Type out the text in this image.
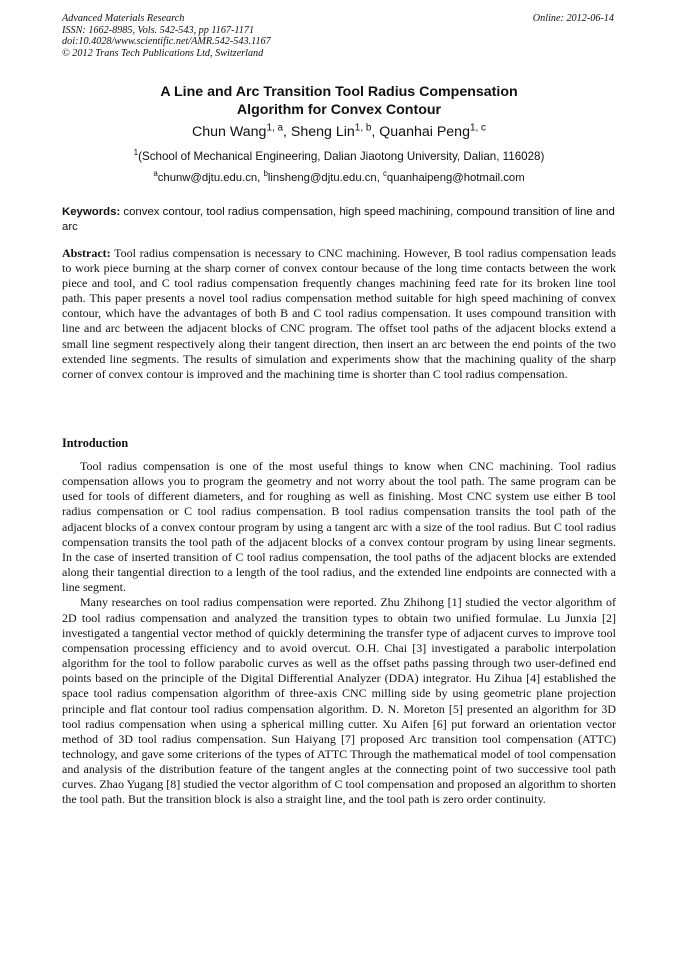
Advanced Materials Research
ISSN: 1662-8985, Vols. 542-543, pp 1167-1171
doi:10.4028/www.scientific.net/AMR.542-543.1167
© 2012 Trans Tech Publications Ltd, Switzerland
Online: 2012-06-14
A Line and Arc Transition Tool Radius Compensation
Algorithm for Convex Contour
Chun Wang$^{1, a}$, Sheng Lin$^{1, b}$, Quanhai Peng$^{1, c}$
$^1$(School of Mechanical Engineering, Dalian Jiaotong University, Dalian, 116028)
$^a$chunw@djtu.edu.cn, $^b$linsheng@djtu.edu.cn, $^c$quanhaipeng@hotmail.com
Keywords: convex contour, tool radius compensation, high speed machining, compound transition of line and arc
Abstract: Tool radius compensation is necessary to CNC machining. However, B tool radius compensation leads to work piece burning at the sharp corner of convex contour because of the long time contacts between the work piece and tool, and C tool radius compensation frequently changes machining feed rate for its broken line tool path. This paper presents a novel tool radius compensation method suitable for high speed machining of convex contour, which have the advantages of both B and C tool radius compensation. It uses compound transition with line and arc between the adjacent blocks of CNC program. The offset tool paths of the adjacent blocks extend a small line segment respectively along their tangent direction, then insert an arc between the end points of the two extended line segments. The results of simulation and experiments show that the machining quality of the sharp corner of convex contour is improved and the machining time is shorter than C tool radius compensation.
Introduction

Tool radius compensation is one of the most useful things to know when CNC machining. Tool radius compensation allows you to program the geometry and not worry about the tool path. The same program can be used for tools of different diameters, and for roughing as well as finishing. Most CNC system use either B tool radius compensation or C tool radius compensation. B tool radius compensation transits the tool path of the adjacent blocks of a convex contour program by using a tangent arc with a size of the tool radius. But C tool radius compensation transits the tool path of the adjacent blocks of a convex contour program by using linear segments. In the case of inserted transition of C tool radius compensation, the tool paths of the adjacent blocks are extended along their tangential direction to a length of the tool radius, and the extended line endpoints are connected with a line segment.

Many researches on tool radius compensation were reported. Zhu Zhihong [1] studied the vector algorithm of 2D tool radius compensation and analyzed the transition types to obtain two unified formulae. Lu Junxia [2] investigated a tangential vector method of quickly determining the transfer type of adjacent curves to improve tool compensation processing efficiency and to avoid overcut. O.H. Chai [3] investigated a parabolic interpolation algorithm for the tool to follow parabolic curves as well as the offset paths passing through two user-defined end points based on the principle of the Digital Differential Analyzer (DDA) integrator. Hu Zihua [4] established the space tool radius compensation algorithm of three-axis CNC milling side by using geometric plane projection principle and flat contour tool radius compensation algorithm. D. N. Moreton [5] presented an algorithm for 3D tool radius compensation when using a spherical milling cutter. Xu Aifen [6] put forward an orientation vector method of 3D tool radius compensation. Sun Haiyang [7] proposed Arc transition tool compensation (ATTC) technology, and gave some criterions of the types of ATTC Through the mathematical model of tool compensation and analysis of the distribution feature of the tangent angles at the connecting point of two successive tool path curves. Zhao Yugang [8] studied the vector algorithm of C tool compensation and proposed an algorithm to shorten the tool path. But the transition block is also a straight line, and the tool path is zero order continuity.
